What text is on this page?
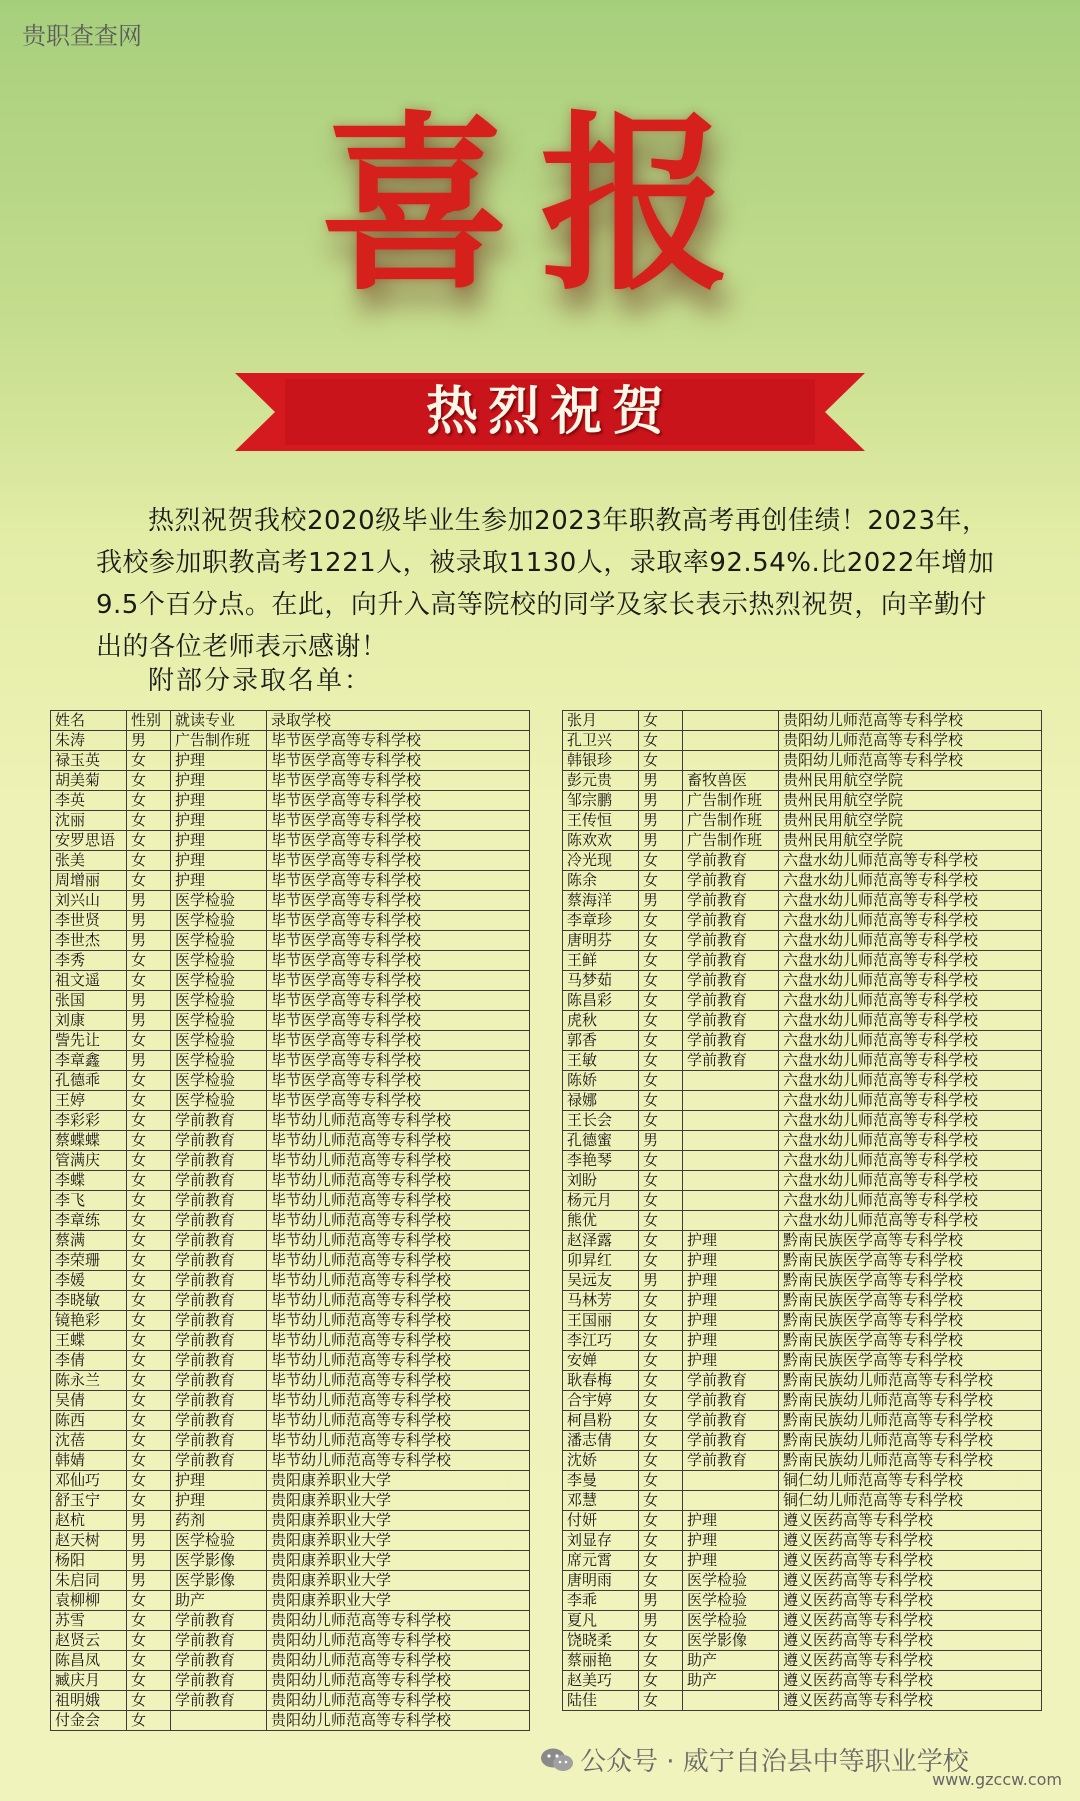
贵职查查网
喜报
热烈祝贺
热烈祝贺我校2020级毕业生参加2023年职教高考再创佳绩！2023年，我校参加职教高考1221人，被录取1130人，录取率92.54%.比2022年增加9.5个百分点。在此，向升入高等院校的同学及家长表示热烈祝贺，向辛勤付出的各位老师表示感谢！
附部分录取名单：
姓名	性别	就读专业	录取学校
朱涛	男	广告制作班	毕节医学高等专科学校
禄玉英	女	护理	毕节医学高等专科学校
胡美菊	女	护理	毕节医学高等专科学校
李英	女	护理	毕节医学高等专科学校
沈丽	女	护理	毕节医学高等专科学校
安罗思语	女	护理	毕节医学高等专科学校
张美	女	护理	毕节医学高等专科学校
周增丽	女	护理	毕节医学高等专科学校
刘兴山	男	医学检验	毕节医学高等专科学校
李世贤	男	医学检验	毕节医学高等专科学校
李世杰	男	医学检验	毕节医学高等专科学校
李秀	女	医学检验	毕节医学高等专科学校
祖文遥	女	医学检验	毕节医学高等专科学校
张国	男	医学检验	毕节医学高等专科学校
刘康	男	医学检验	毕节医学高等专科学校
訾先让	女	医学检验	毕节医学高等专科学校
李章鑫	男	医学检验	毕节医学高等专科学校
孔德乖	女	医学检验	毕节医学高等专科学校
王婷	女	医学检验	毕节医学高等专科学校
李彩彩	女	学前教育	毕节幼儿师范高等专科学校
蔡蝶蝶	女	学前教育	毕节幼儿师范高等专科学校
管满庆	女	学前教育	毕节幼儿师范高等专科学校
李蝶	女	学前教育	毕节幼儿师范高等专科学校
李飞	女	学前教育	毕节幼儿师范高等专科学校
李章练	女	学前教育	毕节幼儿师范高等专科学校
蔡满	女	学前教育	毕节幼儿师范高等专科学校
李荣珊	女	学前教育	毕节幼儿师范高等专科学校
李媛	女	学前教育	毕节幼儿师范高等专科学校
李晓敏	女	学前教育	毕节幼儿师范高等专科学校
镜艳彩	女	学前教育	毕节幼儿师范高等专科学校
王蝶	女	学前教育	毕节幼儿师范高等专科学校
李倩	女	学前教育	毕节幼儿师范高等专科学校
陈永兰	女	学前教育	毕节幼儿师范高等专科学校
吴倩	女	学前教育	毕节幼儿师范高等专科学校
陈西	女	学前教育	毕节幼儿师范高等专科学校
沈蓓	女	学前教育	毕节幼儿师范高等专科学校
韩婧	女	学前教育	毕节幼儿师范高等专科学校
邓仙巧	女	护理	贵阳康养职业大学
舒玉宁	女	护理	贵阳康养职业大学
赵杭	男	药剂	贵阳康养职业大学
赵天树	男	医学检验	贵阳康养职业大学
杨阳	男	医学影像	贵阳康养职业大学
朱启同	男	医学影像	贵阳康养职业大学
袁柳柳	女	助产	贵阳康养职业大学
苏雪	女	学前教育	贵阳幼儿师范高等专科学校
赵贤云	女	学前教育	贵阳幼儿师范高等专科学校
陈昌凤	女	学前教育	贵阳幼儿师范高等专科学校
臧庆月	女	学前教育	贵阳幼儿师范高等专科学校
祖明娥	女	学前教育	贵阳幼儿师范高等专科学校
付金会	女		贵阳幼儿师范高等专科学校
张月	女		贵阳幼儿师范高等专科学校
孔卫兴	女		贵阳幼儿师范高等专科学校
韩银珍	女		贵阳幼儿师范高等专科学校
彭元贵	男	畜牧兽医	贵州民用航空学院
邹宗鹏	男	广告制作班	贵州民用航空学院
王传恒	男	广告制作班	贵州民用航空学院
陈欢欢	男	广告制作班	贵州民用航空学院
冷光现	女	学前教育	六盘水幼儿师范高等专科学校
陈余	女	学前教育	六盘水幼儿师范高等专科学校
蔡海洋	男	学前教育	六盘水幼儿师范高等专科学校
李章珍	女	学前教育	六盘水幼儿师范高等专科学校
唐明芬	女	学前教育	六盘水幼儿师范高等专科学校
王鲜	女	学前教育	六盘水幼儿师范高等专科学校
马梦茹	女	学前教育	六盘水幼儿师范高等专科学校
陈昌彩	女	学前教育	六盘水幼儿师范高等专科学校
虎秋	女	学前教育	六盘水幼儿师范高等专科学校
郭香	女	学前教育	六盘水幼儿师范高等专科学校
王敏	女	学前教育	六盘水幼儿师范高等专科学校
陈娇	女		六盘水幼儿师范高等专科学校
禄娜	女		六盘水幼儿师范高等专科学校
王长会	女		六盘水幼儿师范高等专科学校
孔德蜜	男		六盘水幼儿师范高等专科学校
李艳琴	女		六盘水幼儿师范高等专科学校
刘盼	女		六盘水幼儿师范高等专科学校
杨元月	女		六盘水幼儿师范高等专科学校
熊优	女		六盘水幼儿师范高等专科学校
赵泽露	女	护理	黔南民族医学高等专科学校
卯昇红	女	护理	黔南民族医学高等专科学校
吴远友	男	护理	黔南民族医学高等专科学校
马林芳	女	护理	黔南民族医学高等专科学校
王国丽	女	护理	黔南民族医学高等专科学校
李江巧	女	护理	黔南民族医学高等专科学校
安婵	女	护理	黔南民族医学高等专科学校
耿春梅	女	学前教育	黔南民族幼儿师范高等专科学校
合宇婷	女	学前教育	黔南民族幼儿师范高等专科学校
柯昌粉	女	学前教育	黔南民族幼儿师范高等专科学校
潘志倩	女	学前教育	黔南民族幼儿师范高等专科学校
沈娇	女	学前教育	黔南民族幼儿师范高等专科学校
李曼	女		铜仁幼儿师范高等专科学校
邓慧	女		铜仁幼儿师范高等专科学校
付妍	女	护理	遵义医药高等专科学校
刘显存	女	护理	遵义医药高等专科学校
席元霄	女	护理	遵义医药高等专科学校
唐明雨	女	医学检验	遵义医药高等专科学校
李乖	男	医学检验	遵义医药高等专科学校
夏凡	男	医学检验	遵义医药高等专科学校
饶晓柔	女	医学影像	遵义医药高等专科学校
蔡丽艳	女	助产	遵义医药高等专科学校
赵美巧	女	助产	遵义医药高等专科学校
陆佳	女		遵义医药高等专科学校
公众号 · 威宁自治县中等职业学校
www.gzccw.com
